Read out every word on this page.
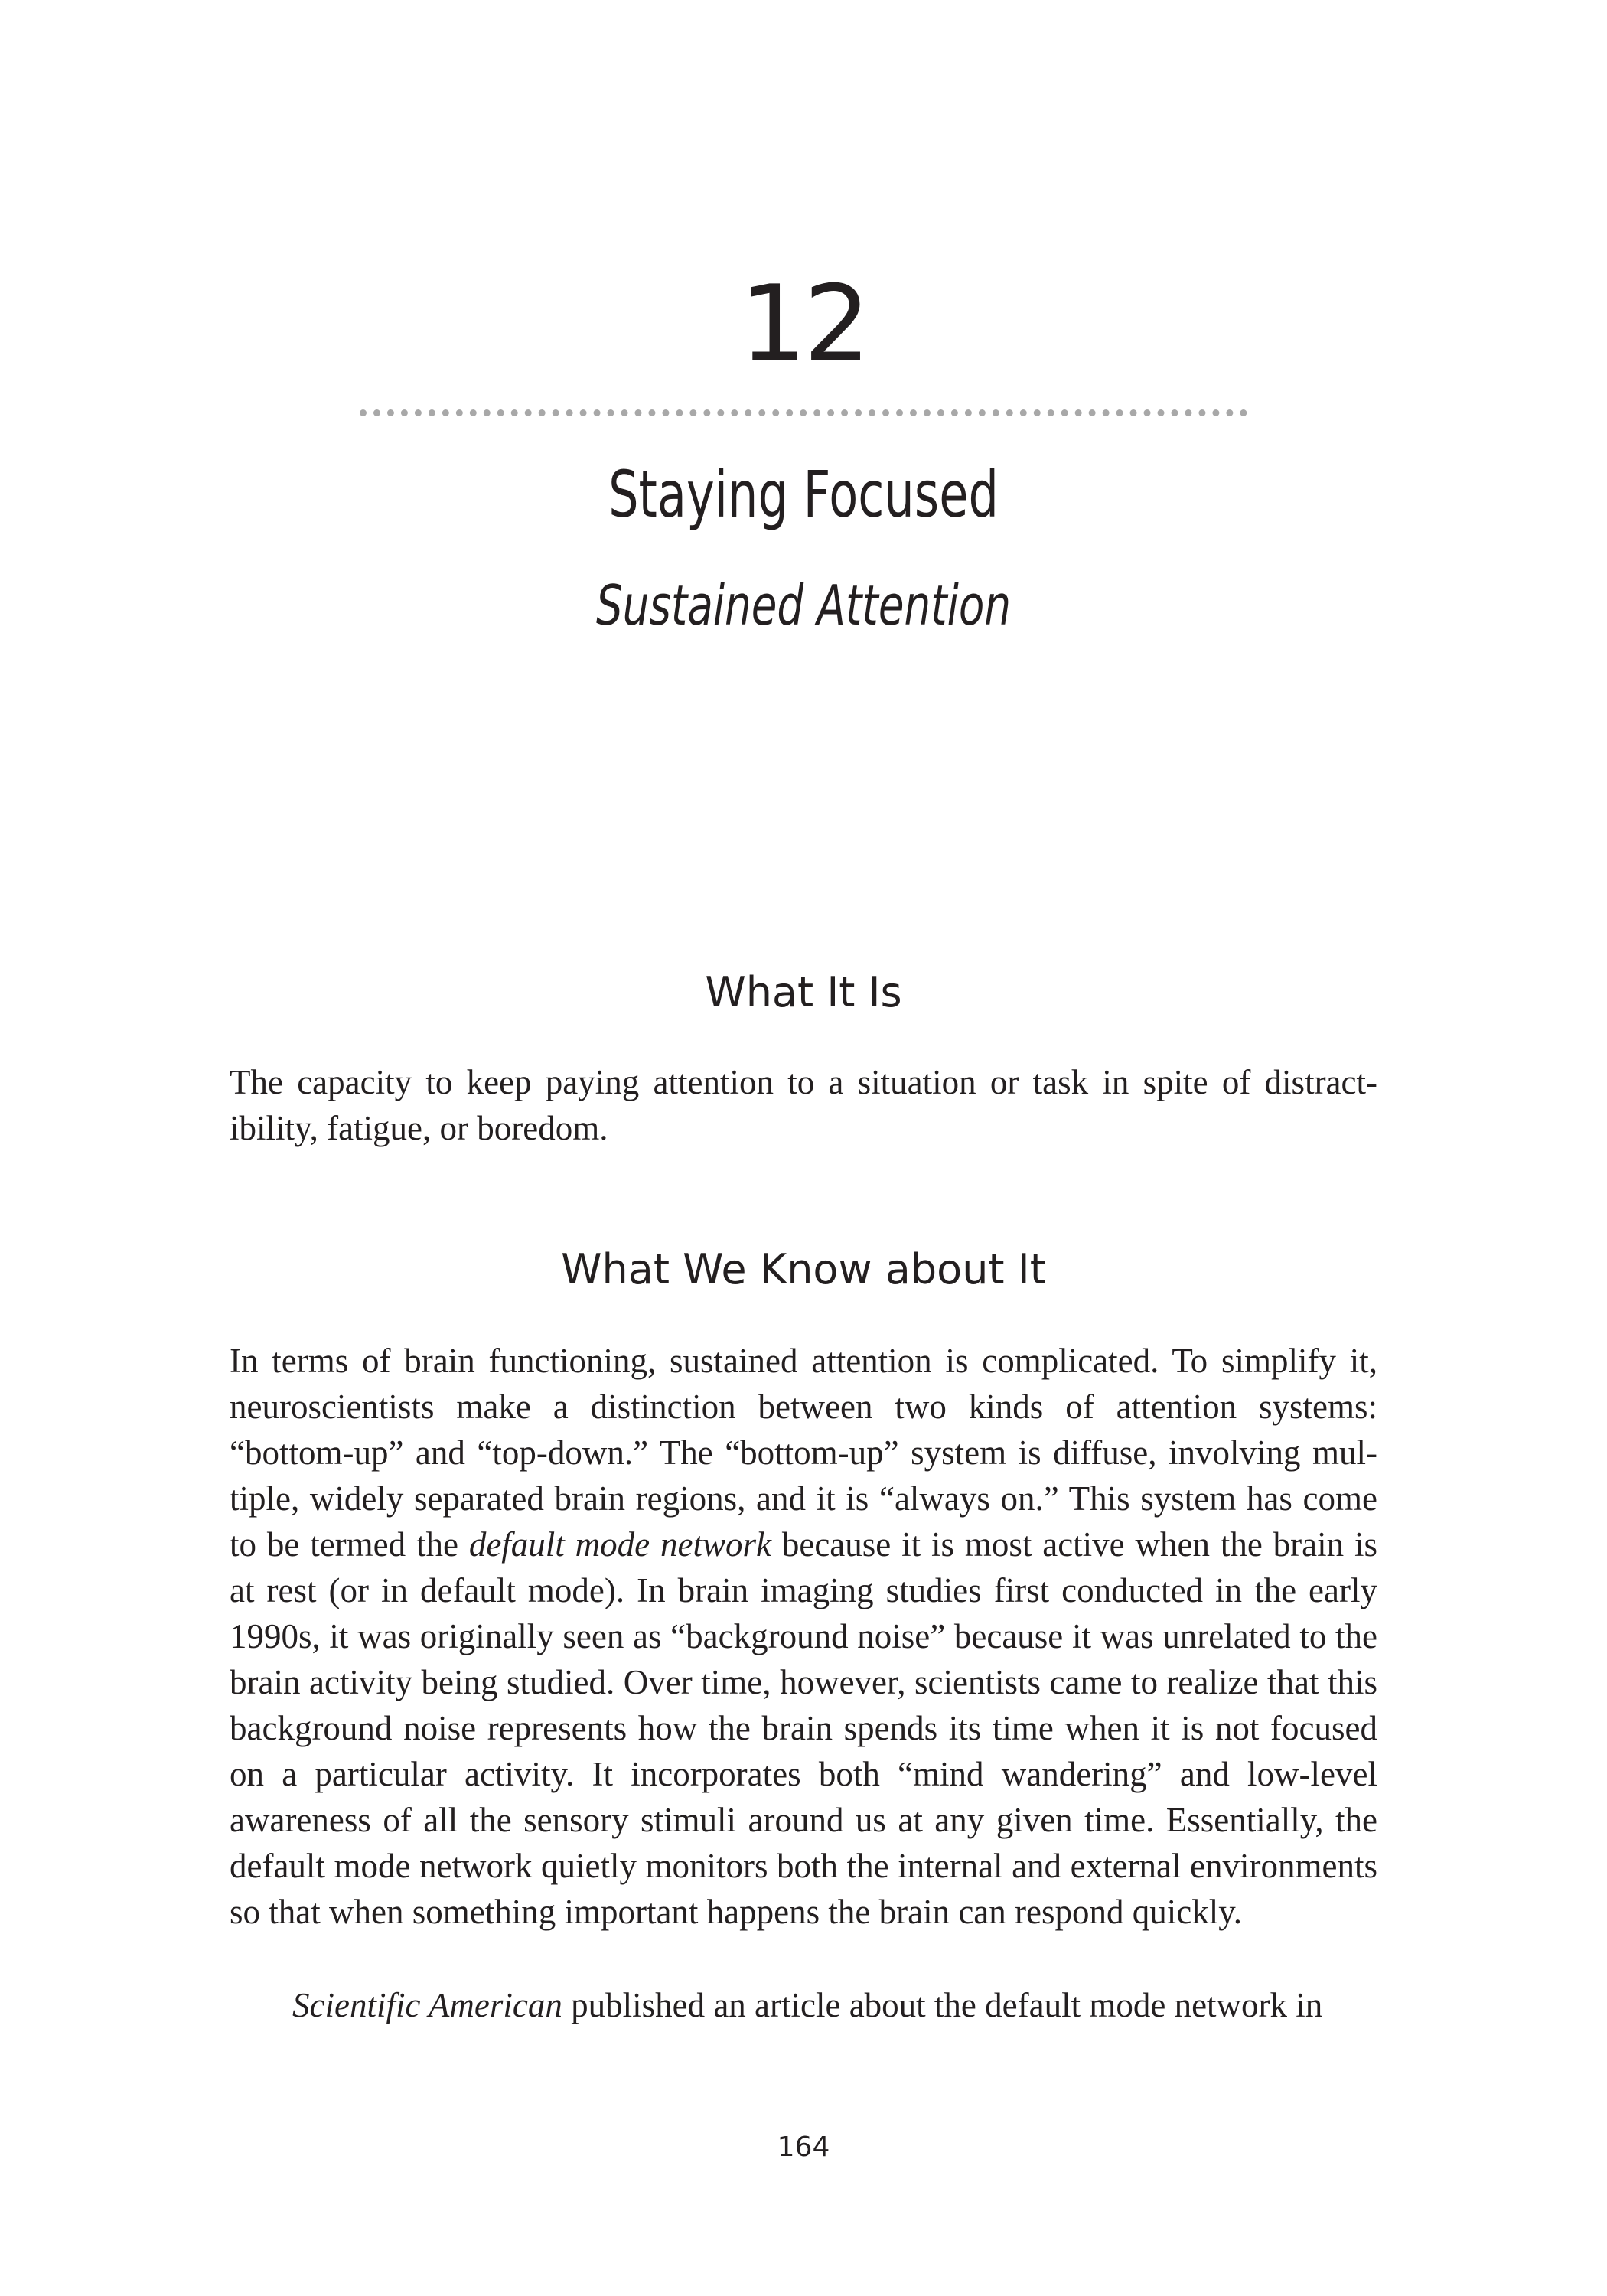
12
Staying Focused
Sustained Attention
What It Is

The capacity to keep paying attention to a situation or task in spite of distract-ibility, fatigue, or boredom.

What We Know about It

In terms of brain functioning, sustained attention is complicated. To simplify it, neuroscientists make a distinction between two kinds of attention systems: “bottom-up” and “top-down.” The “bottom-up” system is diffuse, involving mul-tiple, widely separated brain regions, and it is “always on.” This system has come to be termed the default mode network because it is most active when the brain is at rest (or in default mode). In brain imaging studies first conducted in the early 1990s, it was originally seen as “background noise” because it was unrelated to the brain activity being studied. Over time, however, scientists came to realize that this background noise represents how the brain spends its time when it is not focused on a particular activity. It incorporates both “mind wandering” and low-level awareness of all the sensory stimuli around us at any given time. Essentially, the default mode network quietly monitors both the internal and external environments so that when something important happens the brain can respond quickly.

Scientific American published an article about the default mode network in

164
